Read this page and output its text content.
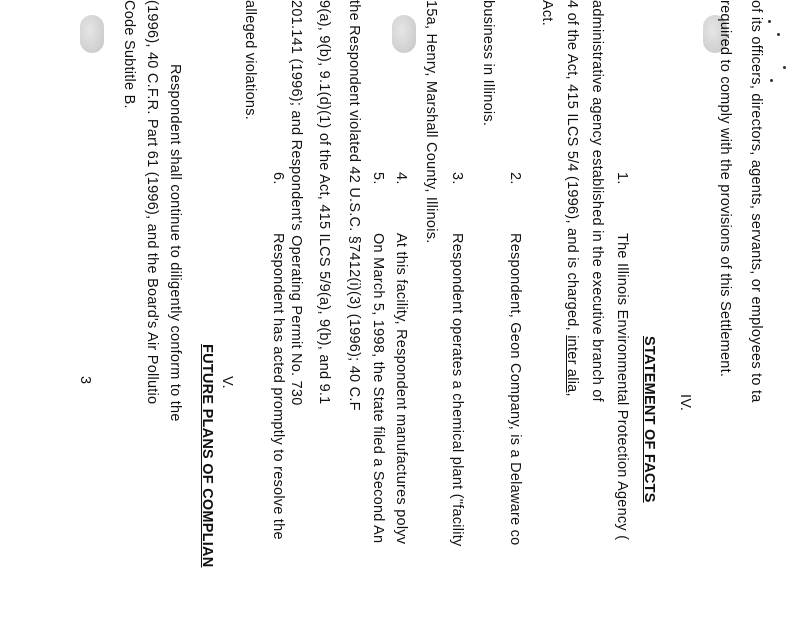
of its officers, directors, agents, servants, or employees to ta
required to comply with the provisions of this Settlement.
IV.
STATEMENT OF FACTS
1.
The Illinois Environmental Protection Agency (
administrative agency established in the executive branch of
4 of the Act, 415 ILCS 5/4 (1996), and is charged, inter alia,
Act.
2.
Respondent, Geon Company, is a Delaware co
business in Illinois.
3.
Respondent operates a chemical plant ("facility
15a, Henry, Marshall County, Illinois.
4.
At this facility, Respondent manufactures polyv
5.
On March 5, 1998, the State filed a Second An
the Respondent violated 42 U.S.C. §7412(i)(3) (1996); 40 C.F
9(a), 9(b), 9.1(d)(1) of the Act, 415 ILCS 5/9(a), 9(b), and 9.1
201.141 (1996); and Respondent's Operating Permit No. 730
6.
Respondent has acted promptly to resolve the
alleged violations.
V.
FUTURE PLANS OF COMPLIAN
Respondent shall continue to diligently conform to the
(1996), 40 C.F.R. Part 61 (1996), and the Board's Air Pollutio
Code Subtitle B.
3
